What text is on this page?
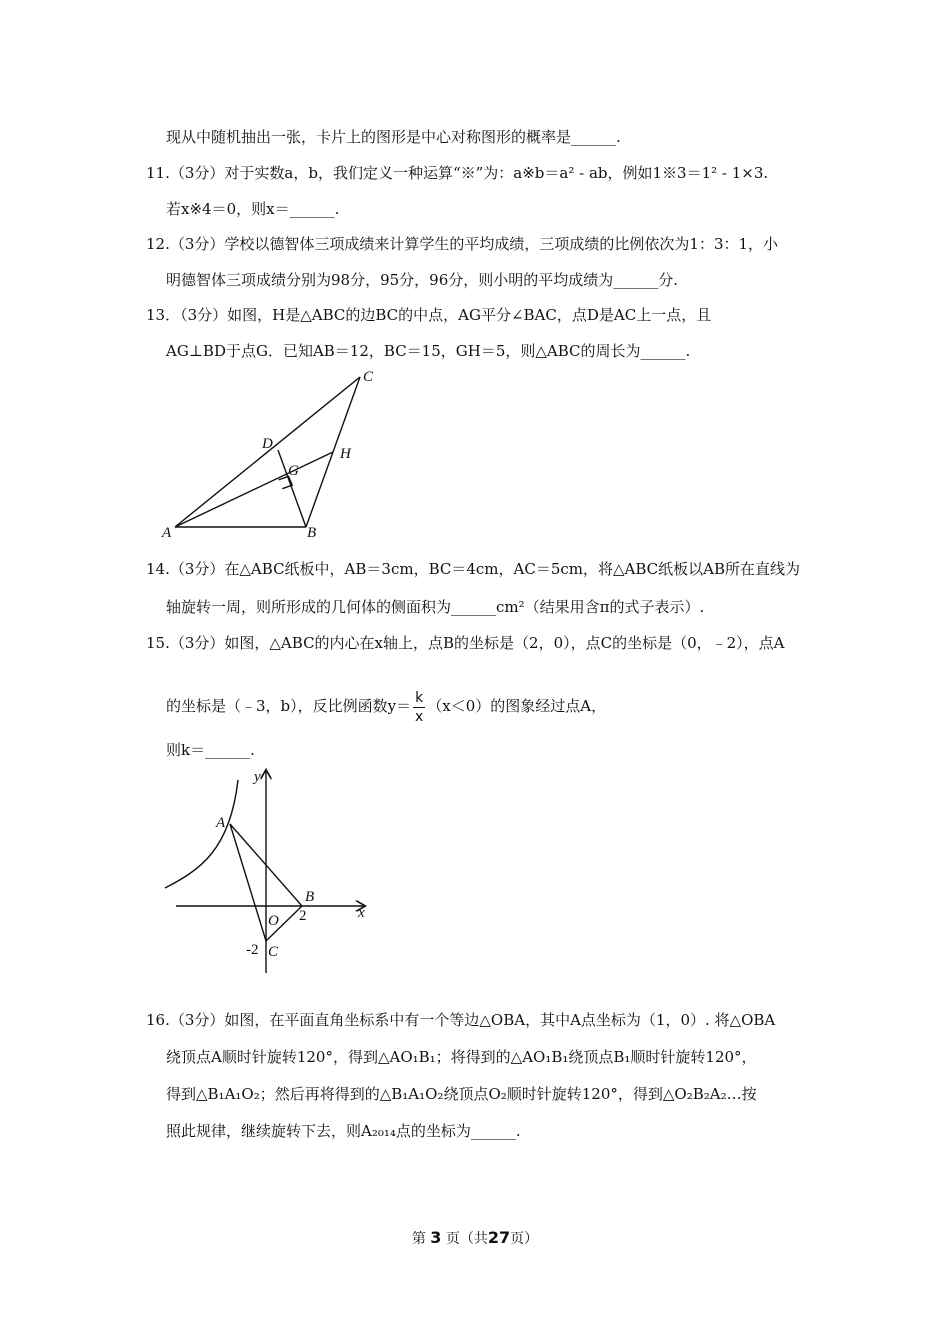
现从中随机抽出一张，卡片上的图形是中心对称图形的概率是______.
11.（3分）对于实数a，b，我们定义一种运算“※”为：a※b＝a² - ab，例如1※3＝1² - 1×3.
若x※4＝0，则x＝______.
12.（3分）学校以德智体三项成绩来计算学生的平均成绩，三项成绩的比例依次为1：3：1，小
明德智体三项成绩分别为98分，95分，96分，则小明的平均成绩为______分.
13．（3分）如图，H是△ABC的边BC的中点，AG平分∠BAC，点D是AC上一点，且
AG⊥BD于点G．已知AB＝12，BC＝15，GH＝5，则△ABC的周长为______.
A	B
C
D
G
H
14.（3分）在△ABC纸板中，AB＝3cm，BC＝4cm，AC＝5cm，将△ABC纸板以AB所在直线为
轴旋转一周，则所形成的几何体的侧面积为______cm²（结果用含π的式子表示）.
15.（3分）如图，△ABC的内心在x轴上，点B的坐标是（2，0），点C的坐标是（0，﹣2），点A
的坐标是（﹣3，b），反比例函数$y= \frac{k}{x} (x<0)$的图象经过点A，
则k＝______.
y
x
A
B
C
O 2
-2
16.（3分）如图，在平面直角坐标系中有一个等边△OBA，其中A点坐标为（1，0）. 将△OBA
绕顶点A顺时针旋转120°，得到△AO₁B₁；将得到的△AO₁B₁绕顶点B₁顺时针旋转120°，
得到△B₁A₁O₂；然后再将得到的△B₁A₁O₂绕顶点O₂顺时针旋转120°，得到△O₂B₂A₂…按
照此规律，继续旋转下去，则A₂₀₁₄点的坐标为______.
第 3 页（共27页）
